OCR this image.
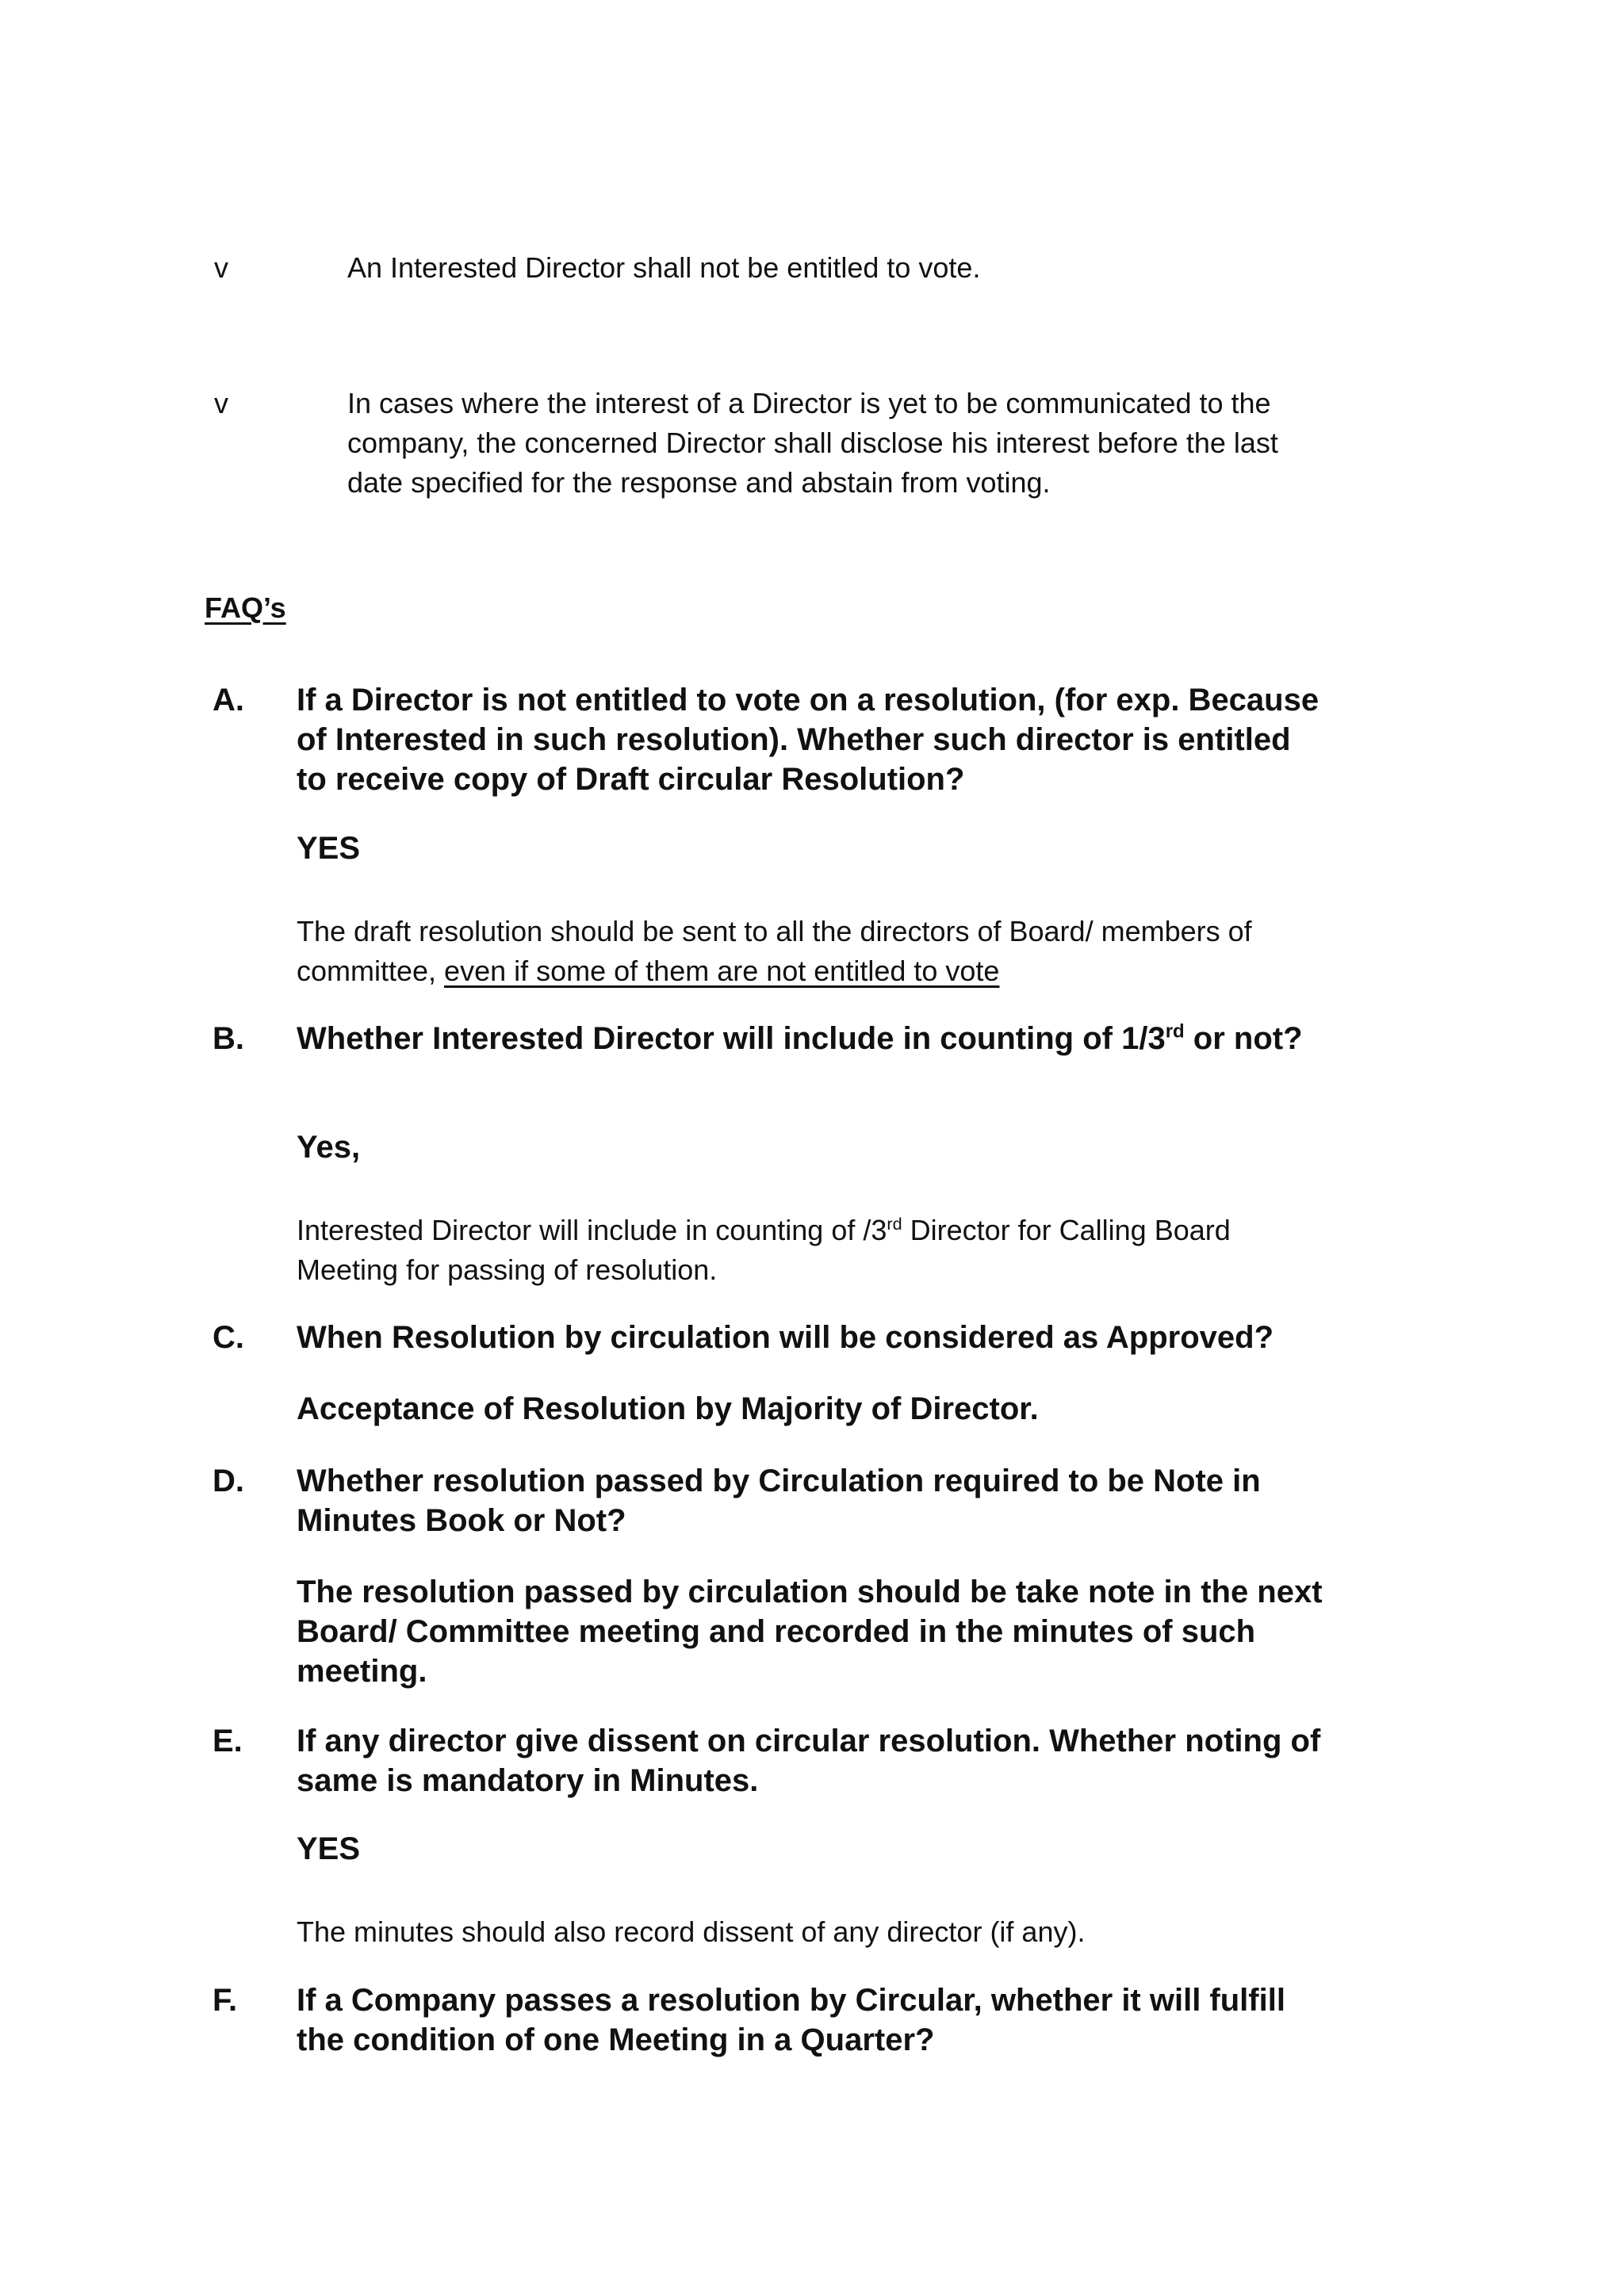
v	An Interested Director shall not be entitled to vote.

v	In cases where the interest of a Director is yet to be communicated to the company, the concerned Director shall disclose his interest before the last date specified for the response and abstain from voting.

FAQ’s
A. If a Director is not entitled to vote on a resolution, (for exp. Because of Interested in such resolution). Whether such director is entitled to receive copy of Draft circular Resolution?

YES

The draft resolution should be sent to all the directors of Board/ members of committee, even if some of them are not entitled to vote

B. Whether Interested Director will include in counting of 1/3rd or not?

Yes,

Interested Director will include in counting of /3rd Director for Calling Board Meeting for passing of resolution.

C. When Resolution by circulation will be considered as Approved?

Acceptance of Resolution by Majority of Director.

D. Whether resolution passed by Circulation required to be Note in Minutes Book or Not?

The resolution passed by circulation should be take note in the next Board/ Committee meeting and recorded in the minutes of such meeting.

E. If any director give dissent on circular resolution. Whether noting of same is mandatory in Minutes.

YES

The minutes should also record dissent of any director (if any).

F. If a Company passes a resolution by Circular, whether it will fulfill the condition of one Meeting in a Quarter?
